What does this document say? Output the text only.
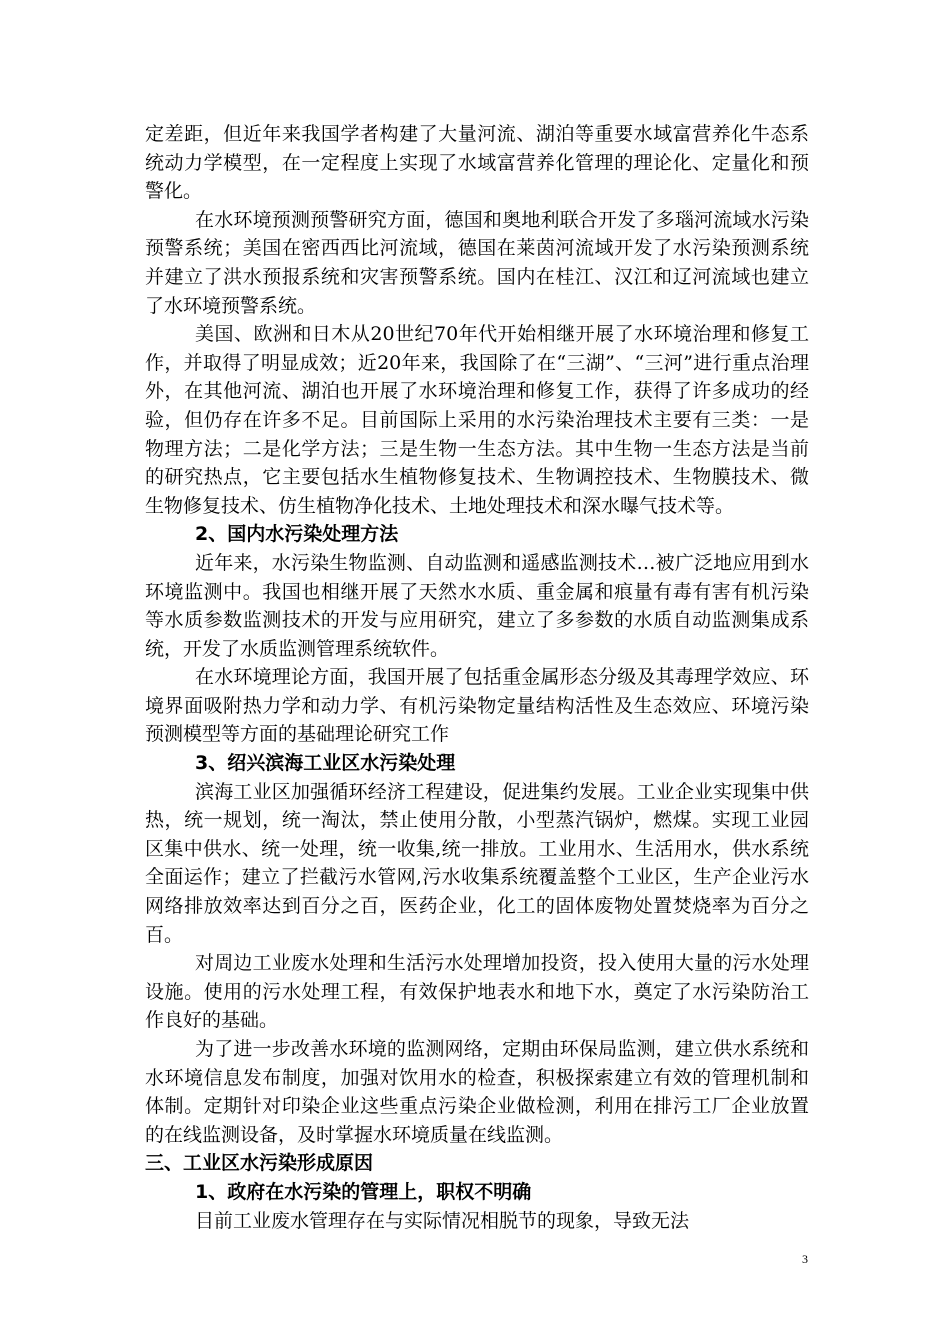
定差距，但近年来我国学者构建了大量河流、湖泊等重要水域富营养化牛态系统动力学模型，在一定程度上实现了水域富营养化管理的理论化、定量化和预警化。

在水环境预测预警研究方面，德国和奥地利联合开发了多瑙河流域水污染预警系统；美国在密西西比河流域，德国在莱茵河流域开发了水污染预测系统并建立了洪水预报系统和灾害预警系统。国内在桂江、汉江和辽河流域也建立了水环境预警系统。

美国、欧洲和日木从20世纪70年代开始相继开展了水环境治理和修复工作，并取得了明显成效；近20年来，我国除了在“三湖”、“三河”进行重点治理外，在其他河流、湖泊也开展了水环境治理和修复工作，获得了许多成功的经验，但仍存在许多不足。目前国际上采用的水污染治理技术主要有三类：一是物理方法；二是化学方法；三是生物一生态方法。其中生物一生态方法是当前的研究热点，它主要包括水生植物修复技术、生物调控技术、生物膜技术、微生物修复技术、仿生植物净化技术、土地处理技术和深水曝气技术等。

2、国内水污染处理方法

近年来，水污染生物监测、自动监测和遥感监测技术…被广泛地应用到水环境监测中。我国也相继开展了天然水水质、重金属和痕量有毒有害有机污染等水质参数监测技术的开发与应用研究，建立了多参数的水质自动监测集成系统，开发了水质监测管理系统软件。

在水环境理论方面，我国开展了包括重金属形态分级及其毒理学效应、环境界面吸附热力学和动力学、有机污染物定量结构活性及生态效应、环境污染预测模型等方面的基础理论研究工作

3、绍兴滨海工业区水污染处理

滨海工业区加强循环经济工程建设，促进集约发展。工业企业实现集中供热，统一规划，统一淘汰，禁止使用分散，小型蒸汽锅炉，燃煤。实现工业园区集中供水、统一处理，统一收集,统一排放。工业用水、生活用水，供水系统全面运作；建立了拦截污水管网,污水收集系统覆盖整个工业区，生产企业污水网络排放效率达到百分之百，医药企业，化工的固体废物处置焚烧率为百分之百。

对周边工业废水处理和生活污水处理增加投资，投入使用大量的污水处理设施。使用的污水处理工程，有效保护地表水和地下水，奠定了水污染防治工作良好的基础。

为了进一步改善水环境的监测网络，定期由环保局监测，建立供水系统和水环境信息发布制度，加强对饮用水的检查，积极探索建立有效的管理机制和体制。定期针对印染企业这些重点污染企业做检测，利用在排污工厂企业放置的在线监测设备，及时掌握水环境质量在线监测。

三、工业区水污染形成原因

1、政府在水污染的管理上，职权不明确

目前工业废水管理存在与实际情况相脱节的现象，导致无法

3
